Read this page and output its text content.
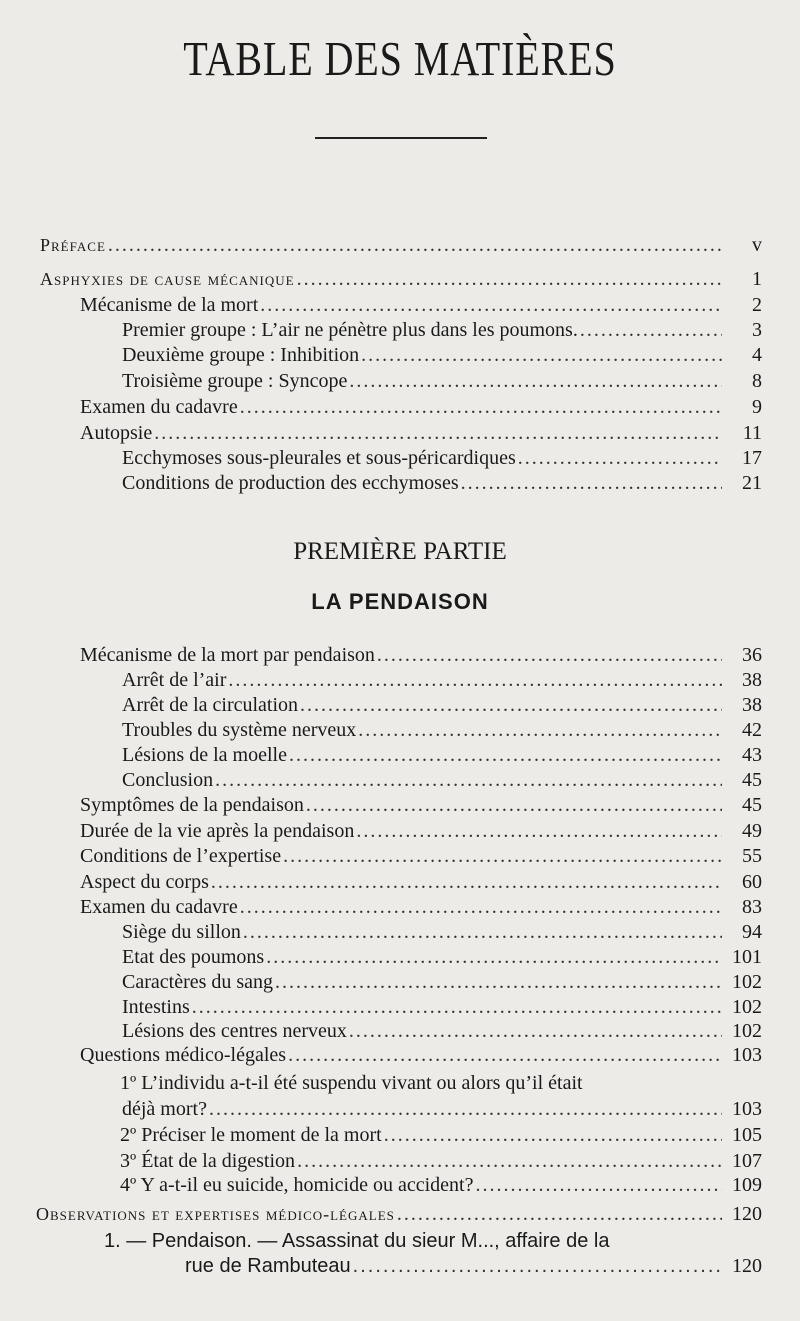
TABLE DES MATIÈRES
Préface .....	v
Asphyxies de cause mécanique .....	1
Mécanisme de la mort .....	2
Premier groupe : L’air ne pénètre plus dans les poumons. .....	3
Deuxième groupe : Inhibition .....	4
Troisième groupe : Syncope .....	8
Examen du cadavre .....	9
Autopsie .....	11
Ecchymoses sous-pleurales et sous-péricardiques .....	17
Conditions de production des ecchymoses .....	21
PREMIÈRE PARTIE
LA PENDAISON
Mécanisme de la mort par pendaison .....	36
Arrêt de l’air .....	38
Arrêt de la circulation .....	38
Troubles du système nerveux .....	42
Lésions de la moelle .....	43
Conclusion .....	45
Symptômes de la pendaison .....	45
Durée de la vie après la pendaison .....	49
Conditions de l’expertise .....	55
Aspect du corps .....	60
Examen du cadavre .....	83
Siège du sillon .....	94
Etat des poumons .....	101
Caractères du sang .....	102
Intestins .....	102
Lésions des centres nerveux .....	102
Questions médico-légales .....	103
1º L’individu a-t-il été suspendu vivant ou alors qu’il était
déjà mort? .....	103
2º Préciser le moment de la mort .....	105
3º État de la digestion .....	107
4º Y a-t-il eu suicide, homicide ou accident? .....	109
Observations et expertises médico-légales .....	120
1. — Pendaison. — Assassinat du sieur M..., affaire de la
rue de Rambuteau .....	120
